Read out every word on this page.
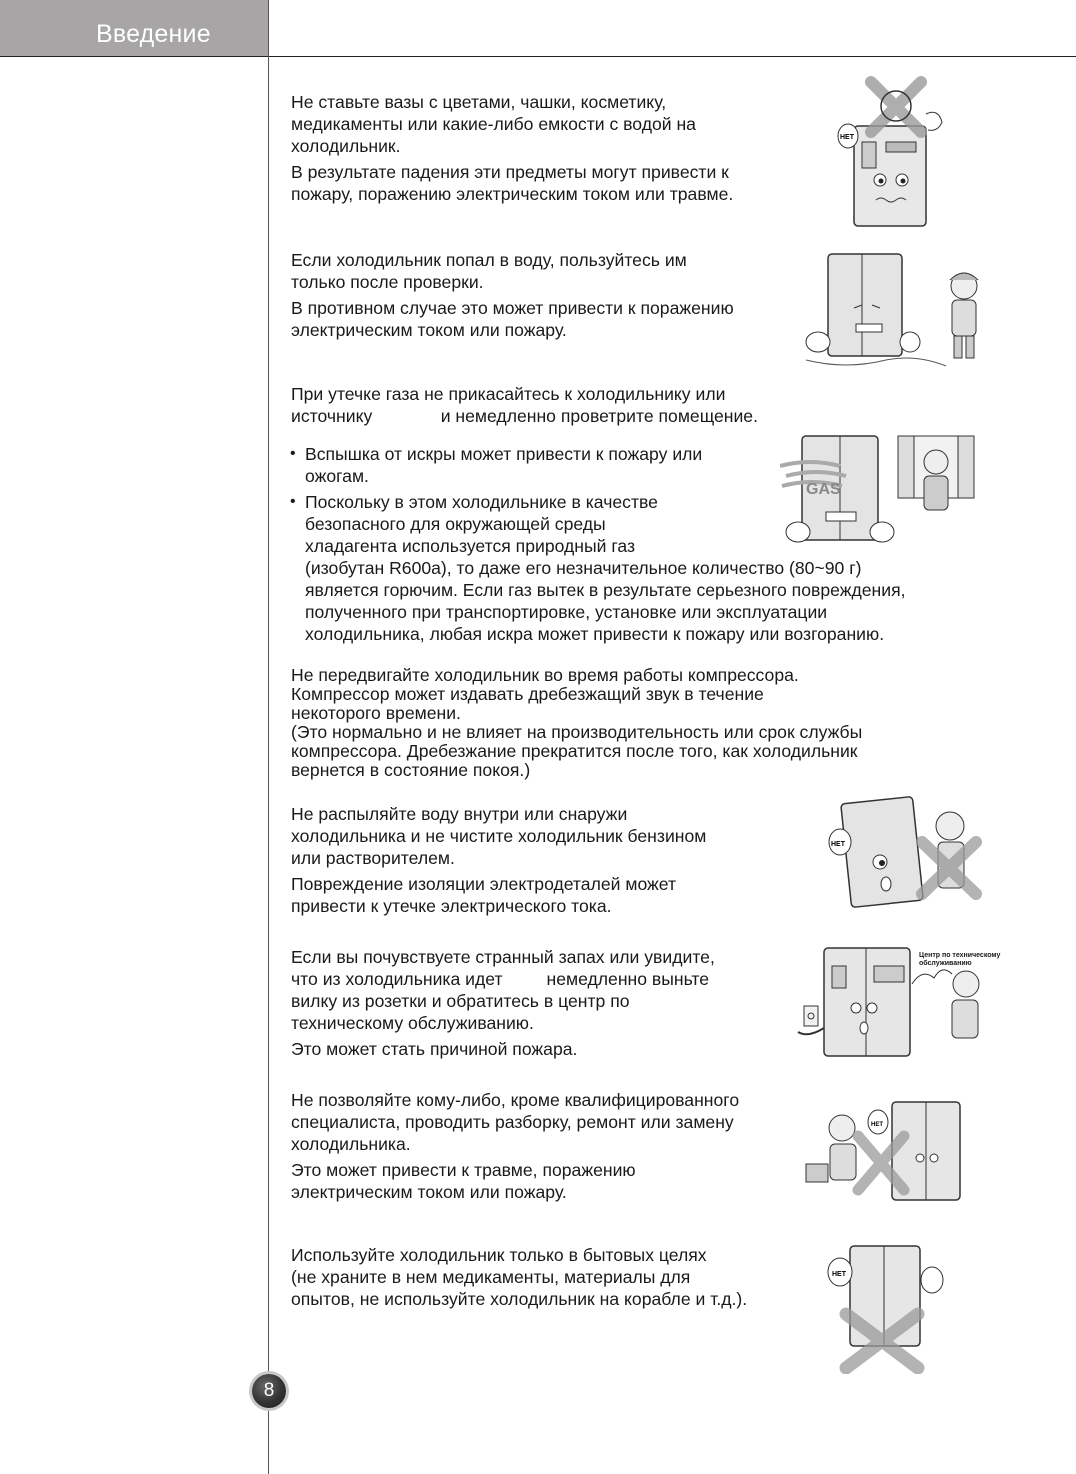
Введение

Не ставьте вазы с цветами, чашки, косметику,

медикаменты или какие-либо емкости с водой на

холодильник.

В результате падения эти предметы могут привести к

пожару, поражению электрическим током или травме.

НЕТ

Если холодильник попал в воду, пользуйтесь им

только после проверки.

В противном случае это может привести к поражению

электрическим током или пожару.

При утечке газа не прикасайтесь к холодильнику или

источнику              и немедленно проветрите помещение.

• Вспышка от искры может привести к пожару или

ожогам.

• Поскольку в этом холодильнике в качестве

безопасного для окружающей среды

хладагента используется природный газ

(изобутан R600a), то даже его незначительное количество (80~90 г)

является горючим. Если газ вытек в результате серьезного повреждения,

полученного при транспортировке, установке или эксплуатации

холодильника, любая искра может привести к пожару или возгоранию.

GAS

Не передвигайте холодильник во время работы компрессора.

Компрессор может издавать дребезжащий звук в течение

некоторого времени.

(Это нормально и не влияет на производительность или срок службы

компрессора. Дребезжание прекратится после того, как холодильник

вернется в состояние покоя.)

Не распыляйте воду внутри или снаружи

холодильника и не чистите холодильник бензином

или растворителем.

Повреждение изоляции электродеталей может

привести к утечке электрического тока.

НЕТ

Если вы почувствуете странный запах или увидите,

что из холодильника идет         немедленно выньте

вилку из розетки и обратитесь в центр по

техническому обслуживанию.

Это может стать причиной пожара.

Центр по техническому обслуживанию

Не позволяйте кому-либо, кроме квалифицированного

специалиста, проводить разборку, ремонт или замену

холодильника.

Это может привести к травме, поражению

электрическим током или пожару.

НЕТ

Используйте холодильник только в бытовых целях

(не храните в нем медикаменты, материалы для

опытов, не используйте холодильник на корабле и т.д.).

НЕТ
8
